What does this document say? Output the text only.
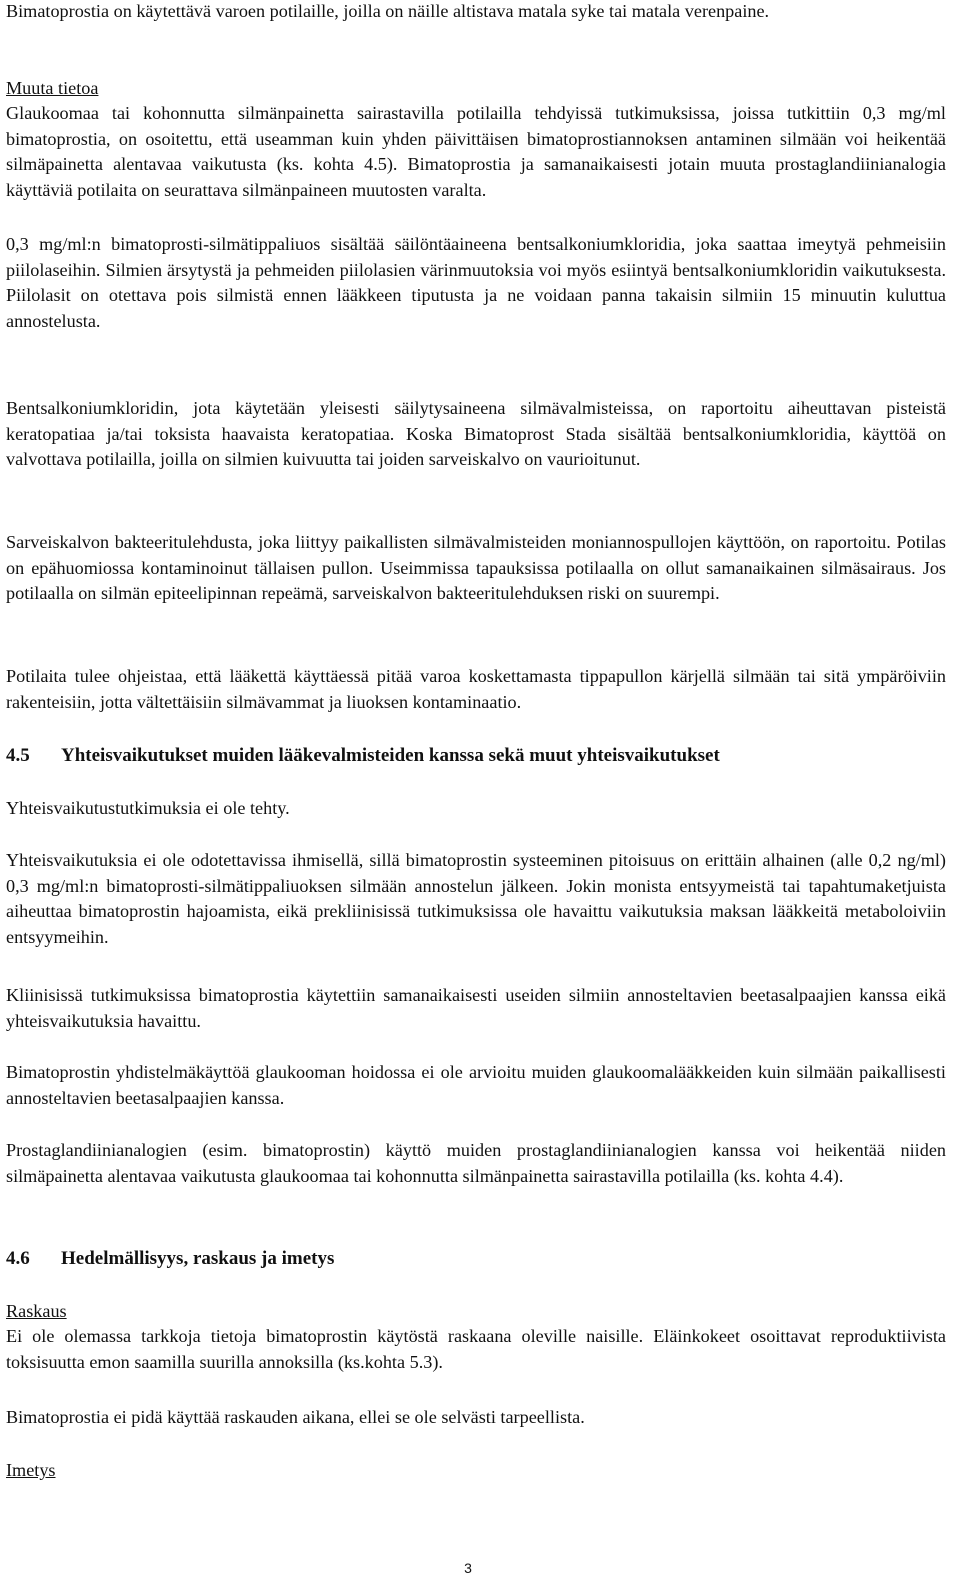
Bimatoprostia on käytettävä varoen potilaille, joilla on näille altistava matala syke tai matala verenpaine.

Muuta tietoa

Glaukoomaa tai kohonnutta silmänpainetta sairastavilla potilailla tehdyissä tutkimuksissa, joissa tutkittiin 0,3 mg/ml bimatoprostia, on osoitettu, että useamman kuin yhden päivittäisen bimatoprostiannoksen antaminen silmään voi heikentää silmäpainetta alentavaa vaikutusta (ks. kohta 4.5). Bimatoprostia ja samanaikaisesti jotain muuta prostaglandiinianalogia käyttäviä potilaita on seurattava silmänpaineen muutosten varalta.

0,3 mg/ml:n bimatoprosti-silmätippaliuos sisältää säilöntäaineena bentsalkoniumkloridia, joka saattaa imeytyä pehmeisiin piilolaseihin. Silmien ärsytystä ja pehmeiden piilolasien värinmuutoksia voi myös esiintyä bentsalkoniumkloridin vaikutuksesta. Piilolasit on otettava pois silmistä ennen lääkkeen tiputusta ja ne voidaan panna takaisin silmiin 15 minuutin kuluttua annostelusta.

Bentsalkoniumkloridin, jota käytetään yleisesti säilytysaineena silmävalmisteissa, on raportoitu aiheuttavan pisteistä keratopatiaa ja/tai toksista haavaista keratopatiaa. Koska Bimatoprost Stada sisältää bentsalkoniumkloridia, käyttöä on valvottava potilailla, joilla on silmien kuivuutta tai joiden sarveiskalvo on vaurioitunut.

Sarveiskalvon bakteeritulehdusta, joka liittyy paikallisten silmävalmisteiden moniannospullojen käyttöön, on raportoitu. Potilas on epähuomiossa kontaminoinut tällaisen pullon. Useimmissa tapauksissa potilaalla on ollut samanaikainen silmäsairaus. Jos potilaalla on silmän epiteelipinnan repeämä, sarveiskalvon bakteeritulehduksen riski on suurempi.

Potilaita tulee ohjeistaa, että lääkettä käyttäessä pitää varoa koskettamasta tippapullon kärjellä silmään tai sitä ympäröiviin rakenteisiin, jotta vältettäisiin silmävammat ja liuoksen kontaminaatio.

4.5 Yhteisvaikutukset muiden lääkevalmisteiden kanssa sekä muut yhteisvaikutukset

Yhteisvaikutustutkimuksia ei ole tehty.

Yhteisvaikutuksia ei ole odotettavissa ihmisellä, sillä bimatoprostin systeeminen pitoisuus on erittäin alhainen (alle 0,2 ng/ml) 0,3 mg/ml:n bimatoprosti-silmätippaliuoksen silmään annostelun jälkeen. Jokin monista entsyymeistä tai tapahtumaketjuista aiheuttaa bimatoprostin hajoamista, eikä prekliinisissä tutkimuksissa ole havaittu vaikutuksia maksan lääkkeitä metaboloiviin entsyymeihin.

Kliinisissä tutkimuksissa bimatoprostia käytettiin samanaikaisesti useiden silmiin annosteltavien beetasalpaajien kanssa eikä yhteisvaikutuksia havaittu.

Bimatoprostin yhdistelmäkäyttöä glaukooman hoidossa ei ole arvioitu muiden glaukoomalääkkeiden kuin silmään paikallisesti annosteltavien beetasalpaajien kanssa.

Prostaglandiinianalogien (esim. bimatoprostin) käyttö muiden prostaglandiinianalogien kanssa voi heikentää niiden silmäpainetta alentavaa vaikutusta glaukoomaa tai kohonnutta silmänpainetta sairastavilla potilailla (ks. kohta 4.4).

4.6 Hedelmällisyys, raskaus ja imetys

Raskaus

Ei ole olemassa tarkkoja tietoja bimatoprostin käytöstä raskaana oleville naisille. Eläinkokeet osoittavat reproduktiivista toksisuutta emon saamilla suurilla annoksilla (ks.kohta 5.3).

Bimatoprostia ei pidä käyttää raskauden aikana, ellei se ole selvästi tarpeellista.

Imetys

3
